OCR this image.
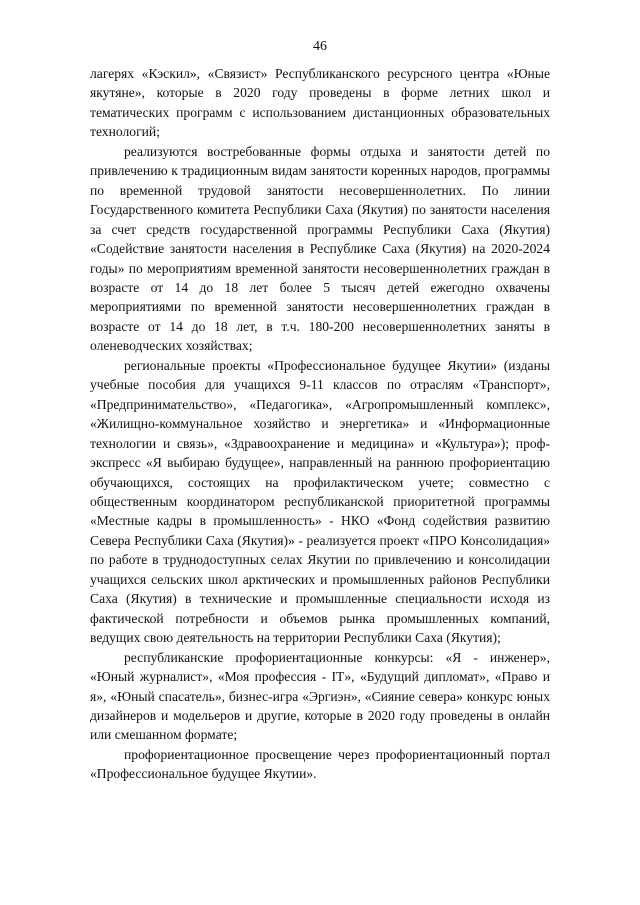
46

лагерях «Кэскил», «Связист» Республиканского ресурсного центра «Юные якутяне», которые в 2020 году проведены в форме летних школ и тематических программ с использованием дистанционных образовательных технологий;

реализуются востребованные формы отдыха и занятости детей по привлечению к традиционным видам занятости коренных народов, программы по временной трудовой занятости несовершеннолетних. По линии Государственного комитета Республики Саха (Якутия) по занятости населения за счет средств государственной программы Республики Саха (Якутия) «Содействие занятости населения в Республике Саха (Якутия) на 2020-2024 годы» по мероприятиям временной занятости несовершеннолетних граждан в возрасте от 14 до 18 лет более 5 тысяч детей ежегодно охвачены мероприятиями по временной занятости несовершеннолетних граждан в возрасте от 14 до 18 лет, в т.ч. 180-200 несовершеннолетних заняты в оленеводческих хозяйствах;

региональные проекты «Профессиональное будущее Якутии» (изданы учебные пособия для учащихся 9-11 классов по отраслям «Транспорт», «Предпринимательство», «Педагогика», «Агропромышленный комплекс», «Жилищно-коммунальное хозяйство и энергетика» и «Информационные технологии и связь», «Здравоохранение и медицина» и «Культура»); проф-экспресс «Я выбираю будущее», направленный на раннюю профориентацию обучающихся, состоящих на профилактическом учете; совместно с общественным координатором республиканской приоритетной программы «Местные кадры в промышленность» - НКО «Фонд содействия развитию Севера Республики Саха (Якутия)» - реализуется проект «ПРО Консолидация» по работе в труднодоступных селах Якутии по привлечению и консолидации учащихся сельских школ арктических и промышленных районов Республики Саха (Якутия) в технические и промышленные специальности исходя из фактической потребности и объемов рынка промышленных компаний, ведущих свою деятельность на территории Республики Саха (Якутия);

республиканские профориентационные конкурсы: «Я - инженер», «Юный журналист», «Моя профессия - IT», «Будущий дипломат», «Право и я», «Юный спасатель», бизнес-игра «Эргиэн», «Сияние севера» конкурс юных дизайнеров и модельеров и другие, которые в 2020 году проведены в онлайн или смешанном формате;

профориентационное просвещение через профориентационный портал «Профессиональное будущее Якутии».
